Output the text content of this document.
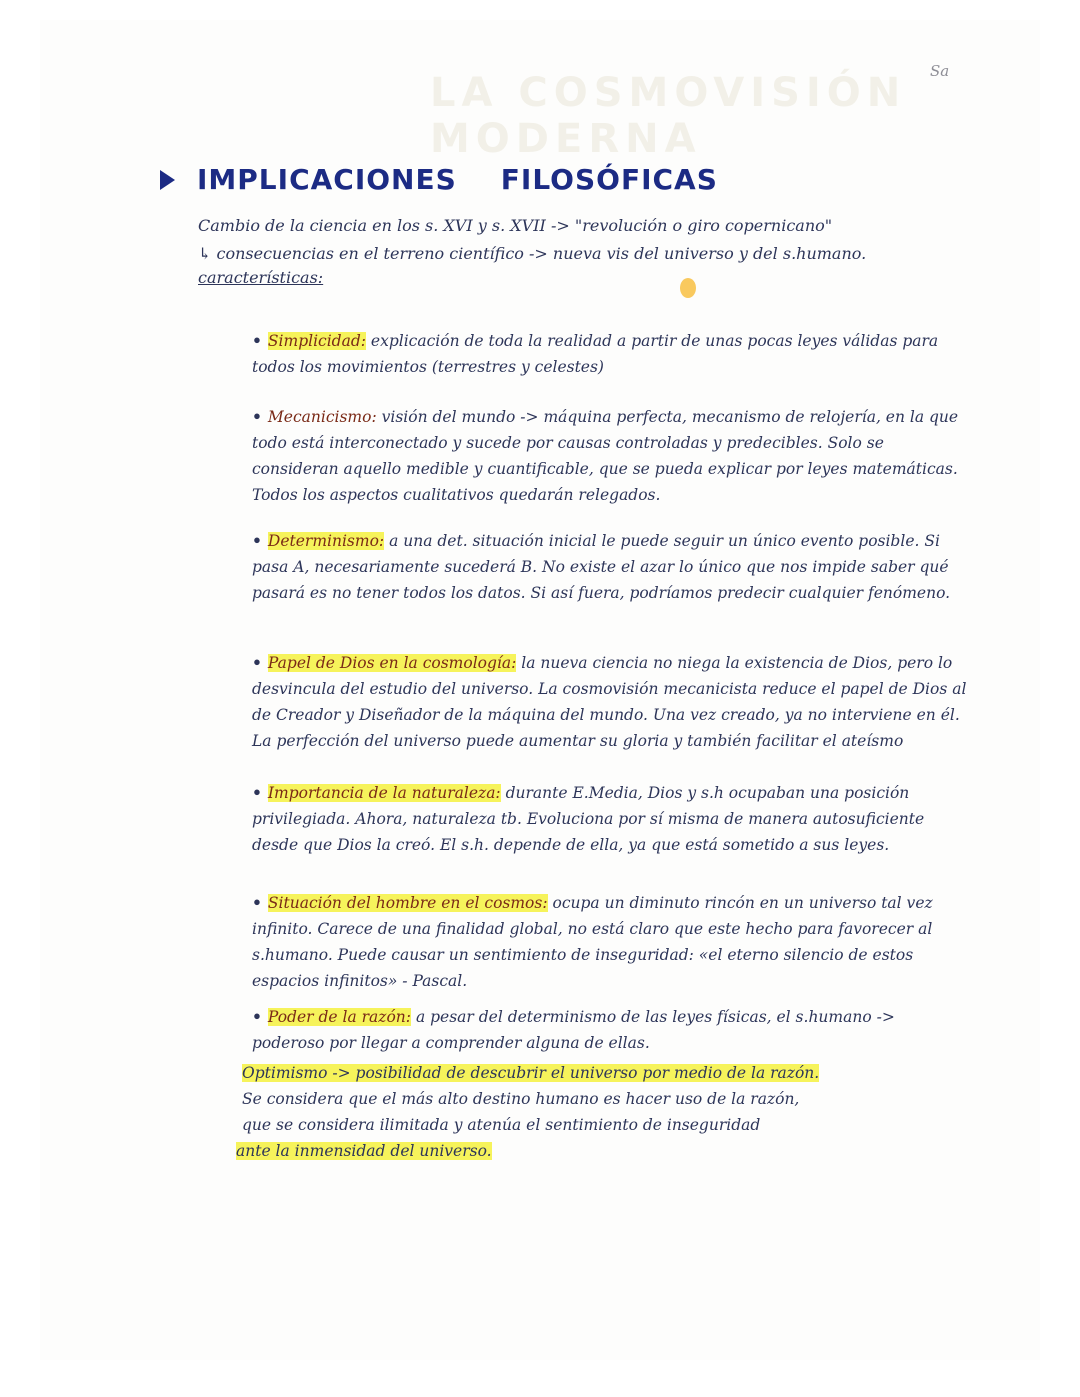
LA COSMOVISIÓN MODERNA
Sa
IMPLICACIONES FILOSÓFICAS
Cambio de la ciencia en los s. XVI y s. XVII -> "revolución o giro copernicano"
↳ consecuencias en el terreno científico -> nueva vis del universo y del s.humano.
características:
• Simplicidad: explicación de toda la realidad a partir de unas pocas leyes válidas para todos los movimientos (terrestres y celestes)
• Mecanicismo: visión del mundo -> máquina perfecta, mecanismo de relojería, en la que todo está interconectado y sucede por causas controladas y predecibles. Solo se consideran aquello medible y cuantificable, que se pueda explicar por leyes matemáticas. Todos los aspectos cualitativos quedarán relegados.
• Determinismo: a una det. situación inicial le puede seguir un único evento posible. Si pasa A, necesariamente sucederá B. No existe el azar lo único que nos impide saber qué pasará es no tener todos los datos. Si así fuera, podríamos predecir cualquier fenómeno.
• Papel de Dios en la cosmología: la nueva ciencia no niega la existencia de Dios, pero lo desvincula del estudio del universo. La cosmovisión mecanicista reduce el papel de Dios al de Creador y Diseñador de la máquina del mundo. Una vez creado, ya no interviene en él. La perfección del universo puede aumentar su gloria y también facilitar el ateísmo
• Importancia de la naturaleza: durante E.Media, Dios y s.h ocupaban una posición privilegiada. Ahora, naturaleza tb. Evoluciona por sí misma de manera autosuficiente desde que Dios la creó. El s.h. depende de ella, ya que está sometido a sus leyes.
• Situación del hombre en el cosmos: ocupa un diminuto rincón en un universo tal vez infinito. Carece de una finalidad global, no está claro que este hecho para favorecer al s.humano. Puede causar un sentimiento de inseguridad: «el eterno silencio de estos espacios infinitos» - Pascal.
• Poder de la razón: a pesar del determinismo de las leyes físicas, el s.humano -> poderoso por llegar a comprender alguna de ellas.
Optimismo -> posibilidad de descubrir el universo por medio de la razón.
Se considera que el más alto destino humano es hacer uso de la razón,
que se considera ilimitada y atenúa el sentimiento de inseguridad
ante la inmensidad del universo.
